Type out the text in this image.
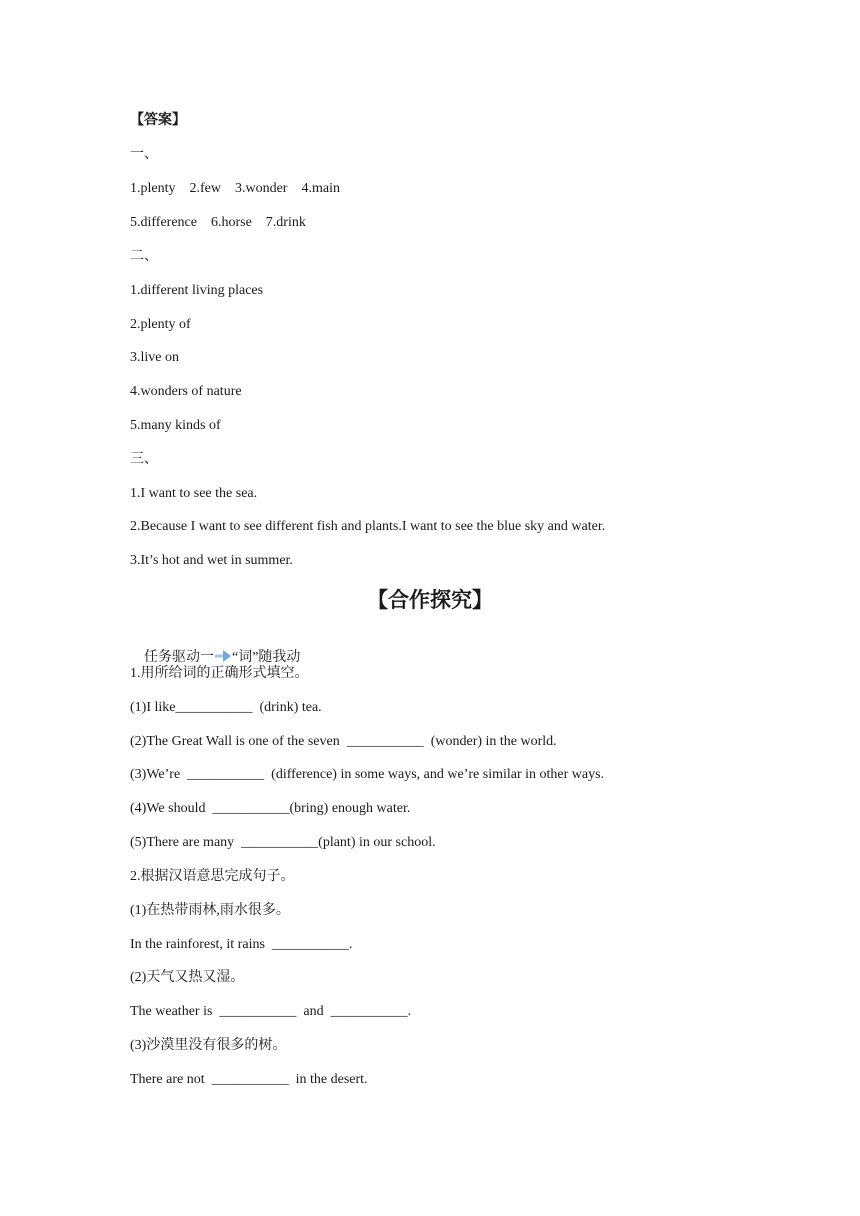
【答案】
一、
1.plenty    2.few    3.wonder    4.main
5.difference    6.horse    7.drink
二、
1.different living places
2.plenty of
3.live on
4.wonders of nature
5.many kinds of
三、
1.I want to see the sea.
2.Because I want to see different fish and plants.I want to see the blue sky and water.
3.It’s hot and wet in summer.
【合作探究】

任务驱动一 “词”随我动

1.用所给词的正确形式填空。
(1)I like___________  (drink) tea.
(2)The Great Wall is one of the seven  ___________  (wonder) in the world.
(3)We’re  ___________  (difference) in some ways, and we’re similar in other ways.
(4)We should  ___________(bring) enough water.
(5)There are many  ___________(plant) in our school.
2.根据汉语意思完成句子。
(1)在热带雨林,雨水很多。
In the rainforest, it rains  ___________.
(2)天气又热又湿。
The weather is  ___________  and  ___________.
(3)沙漠里没有很多的树。
There are not  ___________  in the desert.
